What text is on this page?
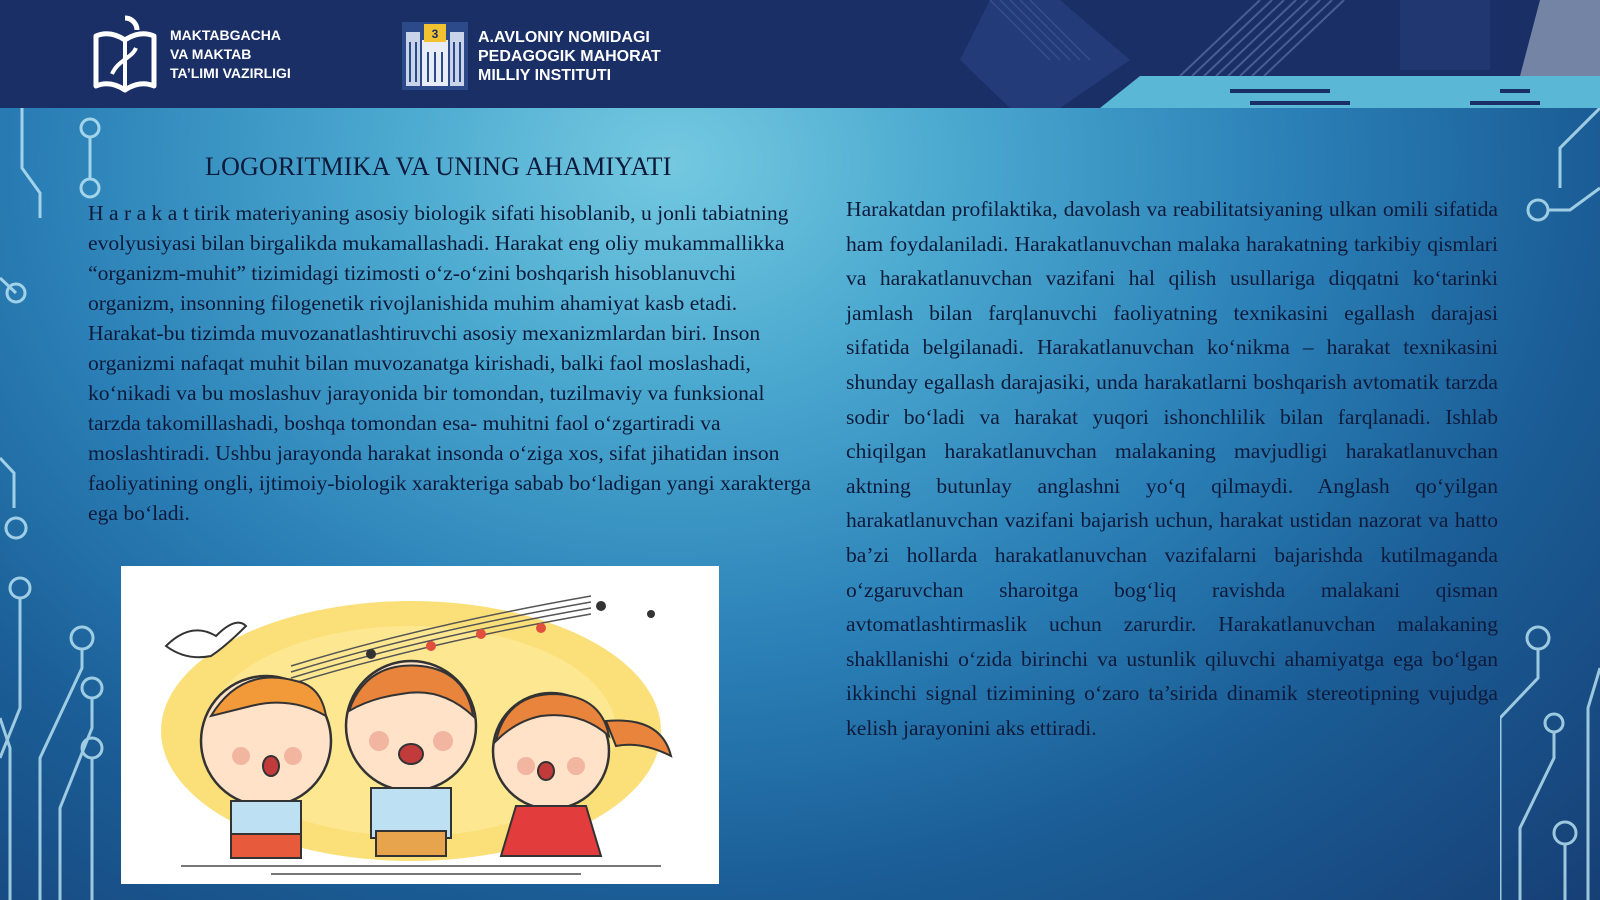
MAKTABGACHA
VA MAKTAB
TA’LIMI VAZIRLIGI
3 A.AVLONIY NOMIDAGI
PEDAGOGIK MAHORAT
MILLIY INSTITUTI
LOGORITMIKA VA UNING AHAMIYATI
H a r a k a t tirik materiyaning asosiy biologik sifati hisoblanib, u jonli tabiatning evolyusiyasi bilan birgalikda mukamallashadi. Harakat eng oliy mukammallikka “organizm-muhit” tizimidagi tizimosti o‘z-o‘zini boshqarish hisoblanuvchi organizm, insonning filogenetik rivojlanishida muhim ahamiyat kasb etadi. Harakat-bu tizimda muvozanatlashtiruvchi asosiy mexanizmlardan biri. Inson organizmi nafaqat muhit bilan muvozanatga kirishadi, balki faol moslashadi, ko‘nikadi va bu moslashuv jarayonida bir tomondan, tuzilmaviy va funksional tarzda takomillashadi, boshqa tomondan esa- muhitni faol o‘zgartiradi va moslashtiradi. Ushbu jarayonda harakat insonda o‘ziga xos, sifat jihatidan inson faoliyatining ongli, ijtimoiy-biologik xarakteriga sabab bo‘ladigan yangi xarakterga ega bo‘ladi.
Harakatdan profilaktika, davolash va reabilitatsiyaning ulkan omili sifatida ham foydalaniladi. Harakatlanuvchan malaka harakatning tarkibiy qismlari va harakatlanuvchan vazifani hal qilish usullariga diqqatni ko‘tarinki jamlash bilan farqlanuvchi faoliyatning texnikasini egallash darajasi sifatida belgilanadi. Harakatlanuvchan ko‘nikma – harakat texnikasini shunday egallash darajasiki, unda harakatlarni boshqarish avtomatik tarzda sodir bo‘ladi va harakat yuqori ishonchlilik bilan farqlanadi. Ishlab chiqilgan harakatlanuvchan malakaning mavjudligi harakatlanuvchan aktning butunlay anglashni yo‘q qilmaydi. Anglash qo‘yilgan harakatlanuvchan vazifani bajarish uchun, harakat ustidan nazorat va hatto ba’zi hollarda harakatlanuvchan vazifalarni bajarishda kutilmaganda o‘zgaruvchan sharoitga bog‘liq ravishda malakani qisman avtomatlashtirmaslik uchun zarurdir. Harakatlanuvchan malakaning shakllanishi o‘zida birinchi va ustunlik qiluvchi ahamiyatga ega bo‘lgan ikkinchi signal tizimining o‘zaro ta’sirida dinamik stereotipning vujudga kelish jarayonini aks ettiradi.
